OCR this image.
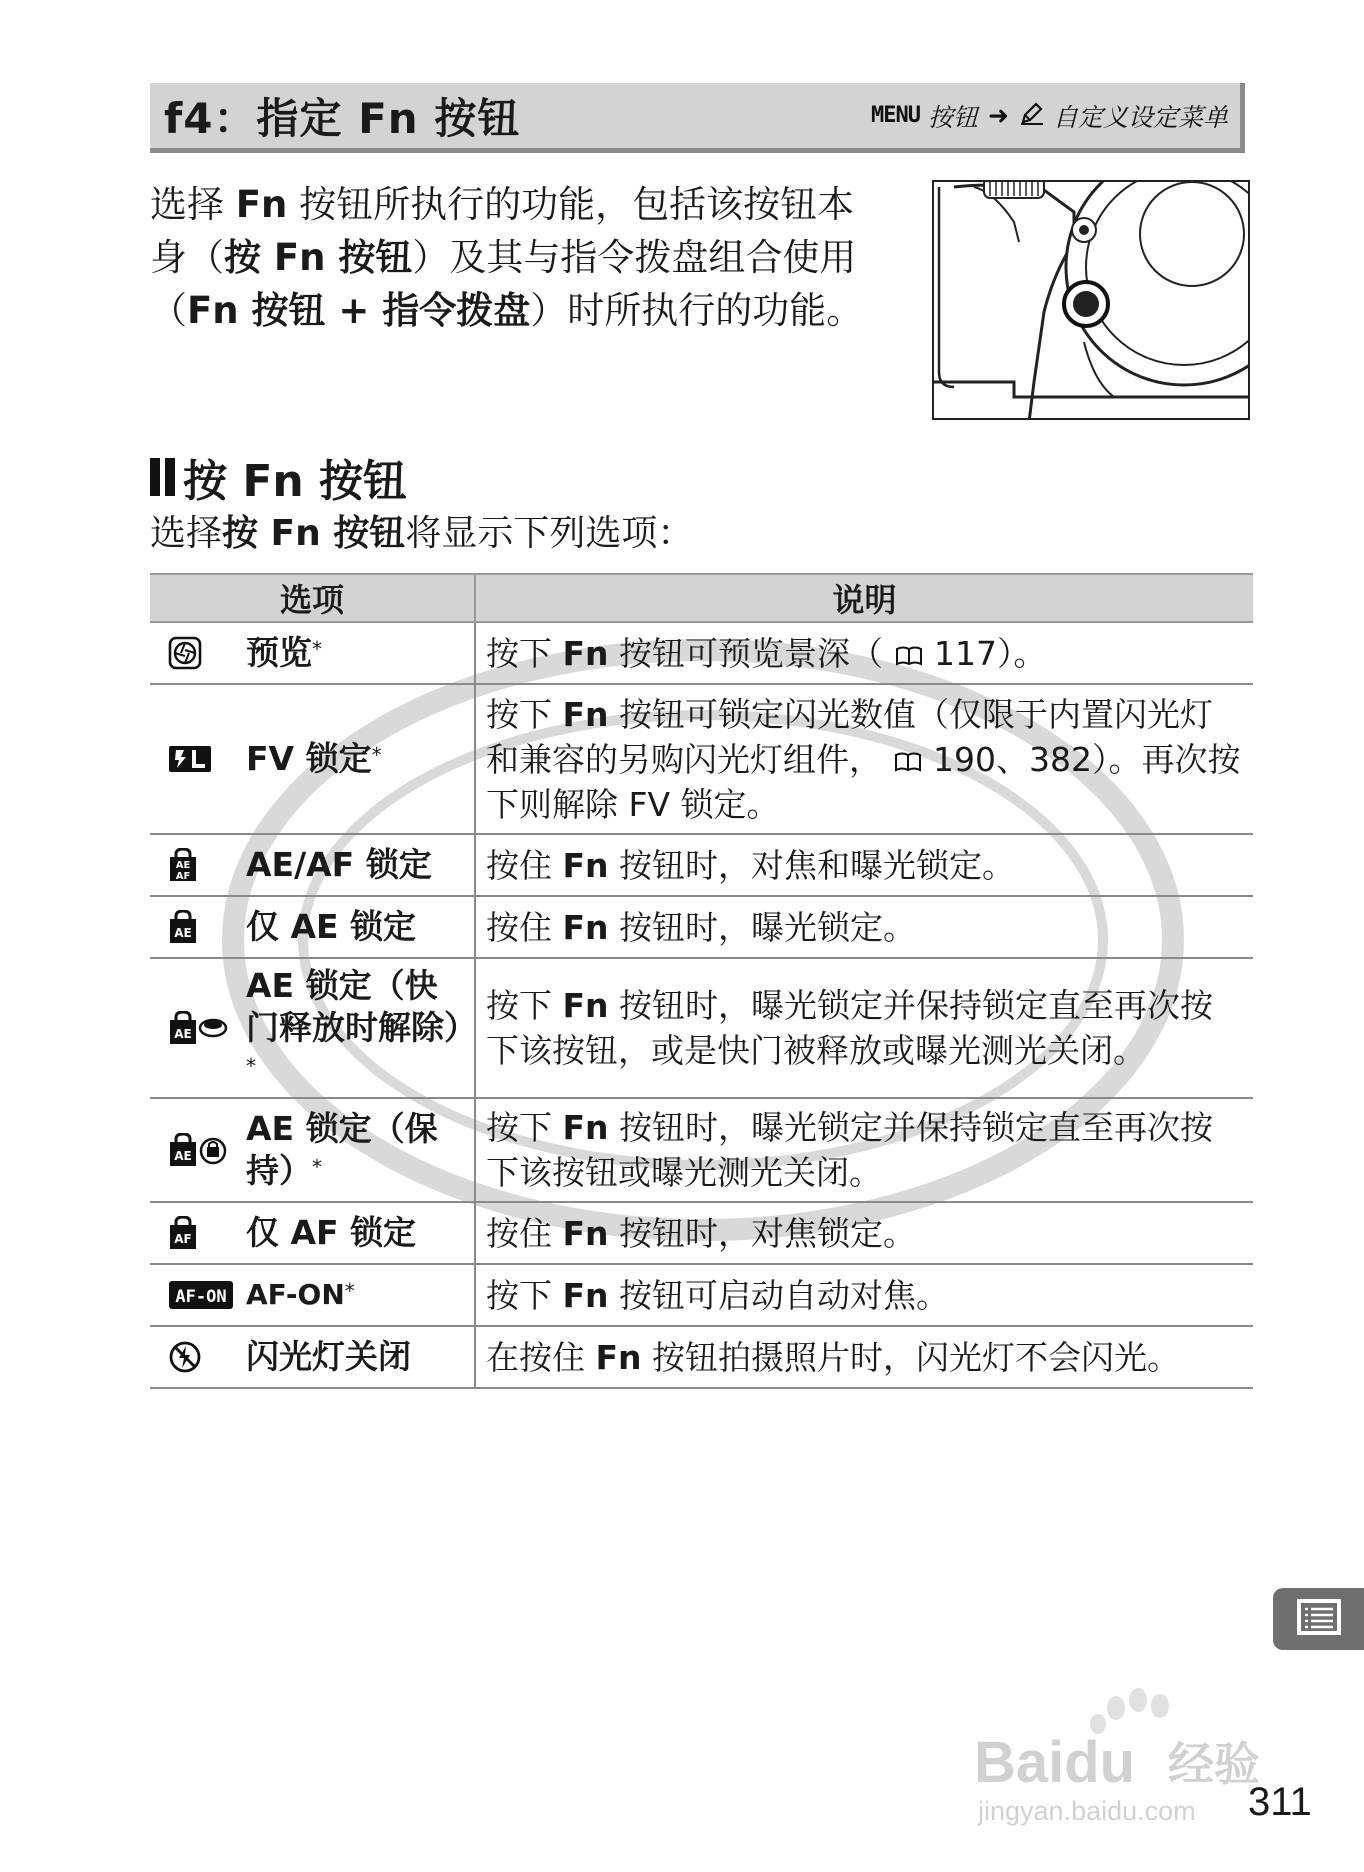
f4：指定 Fn 按钮	MENU 按钮 ➜ 自定义设定菜单
选择 Fn 按钮所执行的功能，包括该按钮本
身（按 Fn 按钮）及其与指令拨盘组合使用
（Fn 按钮 + 指令拨盘）时所执行的功能。
按 Fn 按钮
选择按 Fn 按钮将显示下列选项：
选项	说明

预览*	按下 Fn 按钮可预览景深（ 117）。

FV 锁定*	按下 Fn 按钮可锁定闪光数值（仅限于内置闪光灯和兼容的另购闪光灯组件， 190、382）。再次按下则解除 FV 锁定。

AE
AF AE/AF 锁定	按住 Fn 按钮时，对焦和曝光锁定。

AE 仅 AE 锁定	按住 Fn 按钮时，曝光锁定。

AE
AE 锁定（快门释放时解除）*	按下 Fn 按钮时，曝光锁定并保持锁定直至再次按下该按钮，或是快门被释放或曝光测光关闭。

AE
AE 锁定（保持）*	按下 Fn 按钮时，曝光锁定并保持锁定直至再次按下该按钮或曝光测光关闭。

AF 仅 AF 锁定	按住 Fn 按钮时，对焦锁定。

AF-ON AF-ON*	按下 Fn 按钮可启动自动对焦。

闪光灯关闭	在按住 Fn 按钮拍摄照片时，闪光灯不会闪光。
Baidu 经验
jingyan.baidu.com 311
